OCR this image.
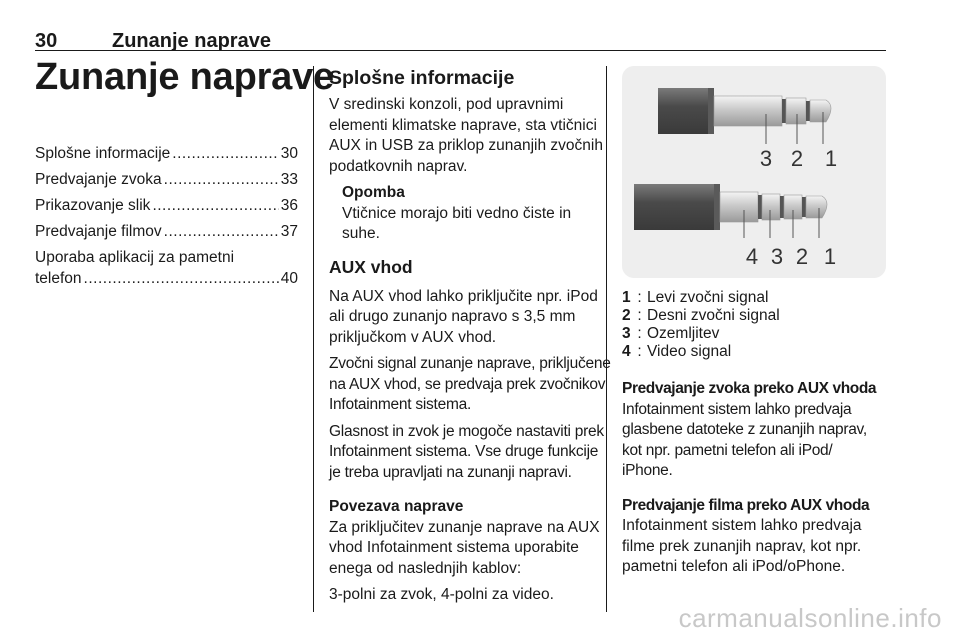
30	Zunanje naprave
Zunanje naprave
Splošne informacije .....	30
Predvajanje zvoka .....	33
Prikazovanje slik .....	36
Predvajanje filmov .....	37
Uporaba aplikacij za pametni
telefon .....	40
Splošne informacije

V sredinski konzoli, pod upravnimi elementi klimatske naprave, sta vtičnici AUX in USB za priklop zunanjih zvočnih podatkovnih naprav.

Opomba
Vtičnice morajo biti vedno čiste in suhe.
AUX vhod

Na AUX vhod lahko priključite npr. iPod ali drugo zunanjo napravo s 3,5 mm priključkom v AUX vhod.

Zvočni signal zunanje naprave, priključene na AUX vhod, se predvaja prek zvočnikov Infotainment sistema.

Glasnost in zvok je mogoče nastaviti prek Infotainment sistema. Vse druge funkcije je treba upravljati na zunanji napravi.

Povezava naprave

Za priključitev zunanje naprave na AUX vhod Infotainment sistema uporabite enega od naslednjih kablov:

3-polni za zvok, 4-polni za video.

3 2 1
4 3 2 1
1 : Levi zvočni signal
2 : Desni zvočni signal
3 : Ozemljitev
4 : Video signal
Predvajanje zvoka preko AUX vhoda

Infotainment sistem lahko predvaja glasbene datoteke z zunanjih naprav, kot npr. pametni telefon ali iPod/ iPhone.

Predvajanje filma preko AUX vhoda

Infotainment sistem lahko predvaja filme prek zunanjih naprav, kot npr. pametni telefon ali iPod/oPhone.

carmanualsonline.info
